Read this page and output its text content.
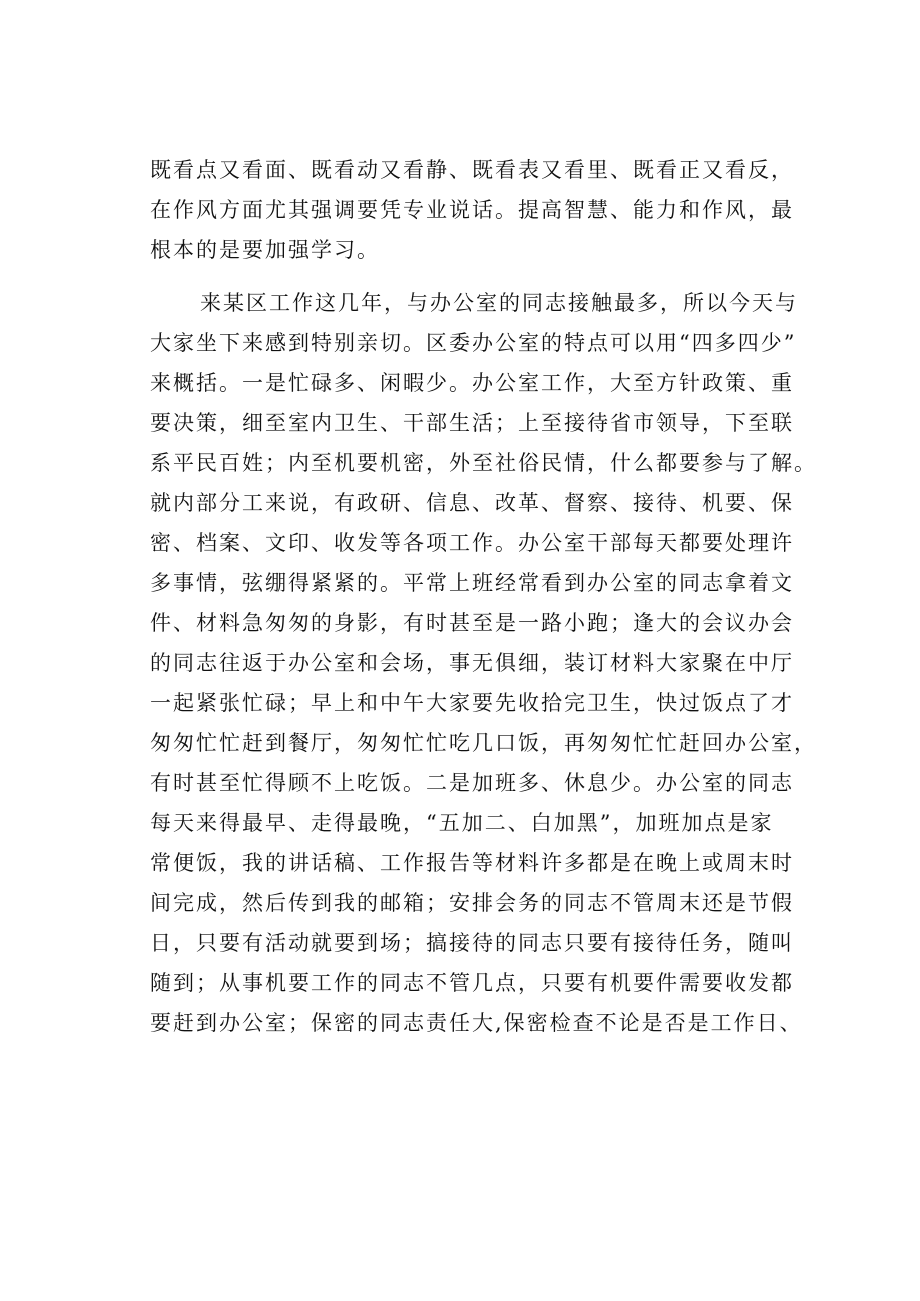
既看点又看面、既看动又看静、既看表又看里、既看正又看反，
在作风方面尤其强调要凭专业说话。提高智慧、能力和作风，最
根本的是要加强学习。
来某区工作这几年，与办公室的同志接触最多，所以今天与
大家坐下来感到特别亲切。区委办公室的特点可以用“四多四少”
来概括。一是忙碌多、闲暇少。办公室工作，大至方针政策、重
要决策，细至室内卫生、干部生活；上至接待省市领导，下至联
系平民百姓；内至机要机密，外至社俗民情，什么都要参与了解。
就内部分工来说，有政研、信息、改革、督察、接待、机要、保
密、档案、文印、收发等各项工作。办公室干部每天都要处理许
多事情，弦绷得紧紧的。平常上班经常看到办公室的同志拿着文
件、材料急匆匆的身影，有时甚至是一路小跑；逢大的会议办会
的同志往返于办公室和会场，事无俱细，装订材料大家聚在中厅
一起紧张忙碌；早上和中午大家要先收拾完卫生，快过饭点了才
匆匆忙忙赶到餐厅，匆匆忙忙吃几口饭，再匆匆忙忙赶回办公室，
有时甚至忙得顾不上吃饭。二是加班多、休息少。办公室的同志
每天来得最早、走得最晚，“五加二、白加黑”，加班加点是家
常便饭，我的讲话稿、工作报告等材料许多都是在晚上或周末时
间完成，然后传到我的邮箱；安排会务的同志不管周末还是节假
日，只要有活动就要到场；搞接待的同志只要有接待任务，随叫
随到；从事机要工作的同志不管几点，只要有机要件需要收发都
要赶到办公室；保密的同志责任大,保密检查不论是否是工作日、
